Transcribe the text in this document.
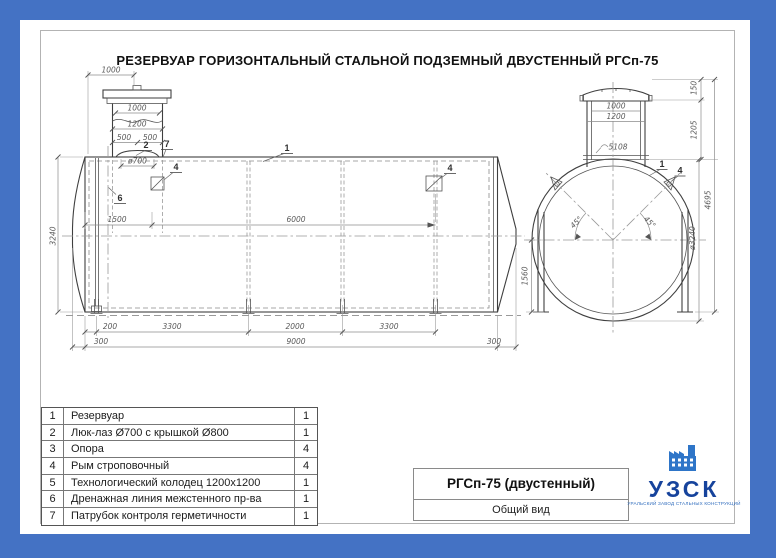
РЕЗЕРВУАР ГОРИЗОНТАЛЬНЫЙ СТАЛЬНОЙ ПОДЗЕМНЫЙ ДВУСТЕННЫЙ РГСп-75
1000
1000
1200
500 500
ø700
1500	6000
3240
200	3300	2000	3300
300	9000	300
2 7	1
4	4
6
45°	45°
5108
1000
1200
150
1205
4695
ø3240
1560
1
4
1	Резервуар	1
2	Люк-лаз Ø700 с крышкой Ø800	1
3	Опора	4
4	Рым строповочный	4
5	Технологический колодец 1200x1200	1
6	Дренажная линия межстенного пр-ва	1
7	Патрубок контроля герметичности	1
РГСп-75 (двустенный)
Общий вид
УЗСК
УРАЛЬСКИЙ ЗАВОД СТАЛЬНЫХ КОНСТРУКЦИЙ
